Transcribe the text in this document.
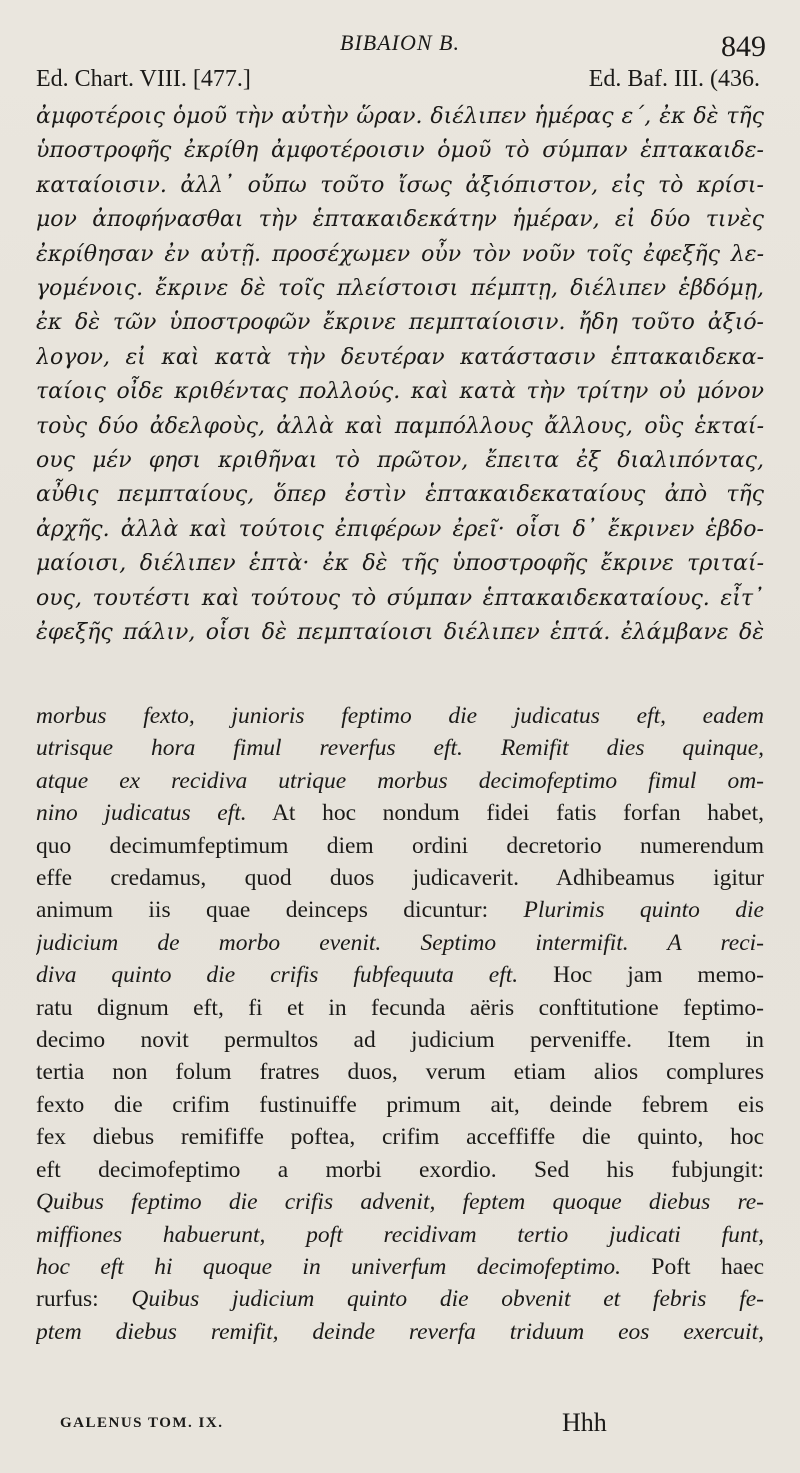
BIBAION B.	849
Ed. Chart. VIII. [477.]	Ed. Baf. III. (436.
ἀμφοτέροις ὁμοῦ τὴν αὐτὴν ὥραν. διέλιπεν ἡμέρας ε΄, ἐκ δὲ τῆς
ὑποστροφῆς ἐκρίθη ἀμφοτέροισιν ὁμοῦ τὸ σύμπαν ἑπτακαιδε-
καταίοισιν. ἀλλ᾽ οὔπω τοῦτο ἴσως ἀξιόπιστον, εἰς τὸ κρίσι-
μον ἀποφήνασθαι τὴν ἑπτακαιδεκάτην ἡμέραν, εἰ δύο τινὲς
ἐκρίθησαν ἐν αὐτῇ. προσέχωμεν οὖν τὸν νοῦν τοῖς ἐφεξῆς λε-
γομένοις. ἔκρινε δὲ τοῖς πλείστοισι πέμπτῃ, διέλιπεν ἑβδόμῃ,
ἐκ δὲ τῶν ὑποστροφῶν ἔκρινε πεμπταίοισιν. ἤδη τοῦτο ἀξιό-
λογον, εἰ καὶ κατὰ τὴν δευτέραν κατάστασιν ἑπτακαιδεκα-
ταίοις οἶδε κριθέντας πολλούς. καὶ κατὰ τὴν τρίτην οὐ μόνον
τοὺς δύο ἀδελφοὺς, ἀλλὰ καὶ παμπόλλους ἄλλους, οὓς ἑκταί-
ους μέν φησι κριθῆναι τὸ πρῶτον, ἔπειτα ἐξ διαλιπόντας,
αὖθις πεμπταίους, ὅπερ ἐστὶν ἑπτακαιδεκαταίους ἀπὸ τῆς
ἀρχῆς. ἀλλὰ καὶ τούτοις ἐπιφέρων ἐρεῖ· οἷσι δ᾽ ἔκρινεν ἑβδο-
μαίοισι, διέλιπεν ἑπτὰ· ἐκ δὲ τῆς ὑποστροφῆς ἔκρινε τριταί-
ους, τουτέστι καὶ τούτους τὸ σύμπαν ἑπτακαιδεκαταίους. εἶτ᾽
ἐφεξῆς πάλιν, οἷσι δὲ πεμπταίοισι διέλιπεν ἑπτά. ἐλάμβανε δὲ
morbus fexto, junioris feptimo die judicatus eft, eadem
utrisque hora fimul reverfus eft. Remifit dies quinque,
atque ex recidiva utrique morbus decimofeptimo fimul om-
nino judicatus eft. At hoc nondum fidei fatis forfan habet,
quo decimumfeptimum diem ordini decretorio numerendum
effe credamus, quod duos judicaverit. Adhibeamus igitur
animum iis quae deinceps dicuntur: Plurimis quinto die
judicium de morbo evenit. Septimo intermifit. A reci-
diva quinto die crifis fubfequuta eft. Hoc jam memo-
ratu dignum eft, fi et in fecunda aëris conftitutione feptimo-
decimo novit permultos ad judicium perveniffe. Item in
tertia non folum fratres duos, verum etiam alios complures
fexto die crifim fustinuiffe primum ait, deinde febrem eis
fex diebus remififfe poftea, crifim acceffiffe die quinto, hoc
eft decimofeptimo a morbi exordio. Sed his fubjungit:
Quibus feptimo die crifis advenit, feptem quoque diebus re-
miffiones habuerunt, poft recidivam tertio judicati funt,
hoc eft hi quoque in univerfum decimofeptimo. Poft haec
rurfus: Quibus judicium quinto die obvenit et febris fe-
ptem diebus remifit, deinde reverfa triduum eos exercuit,
GALENUS TOM. IX.	Hhh
